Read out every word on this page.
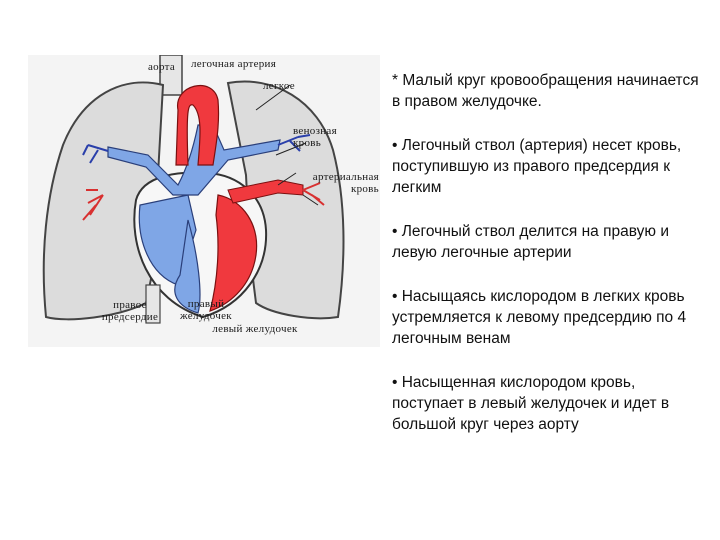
аорта легочная артерия
легкое
венозная кровь
артериальная кровь
правое предсердие
правый желудочек
левый желудочек

* Малый круг кровообращения начинается в правом желудочке.

• Легочный ствол (артерия) несет кровь, поступившую из правого предсердия к легким

• Легочный ствол делится на правую и левую легочные артерии

• Насыщаясь кислородом в легких кровь устремляется к левому предсердию по 4 легочным венам

• Насыщенная кислородом кровь, поступает в левый желудочек и идет в большой круг через аорту
